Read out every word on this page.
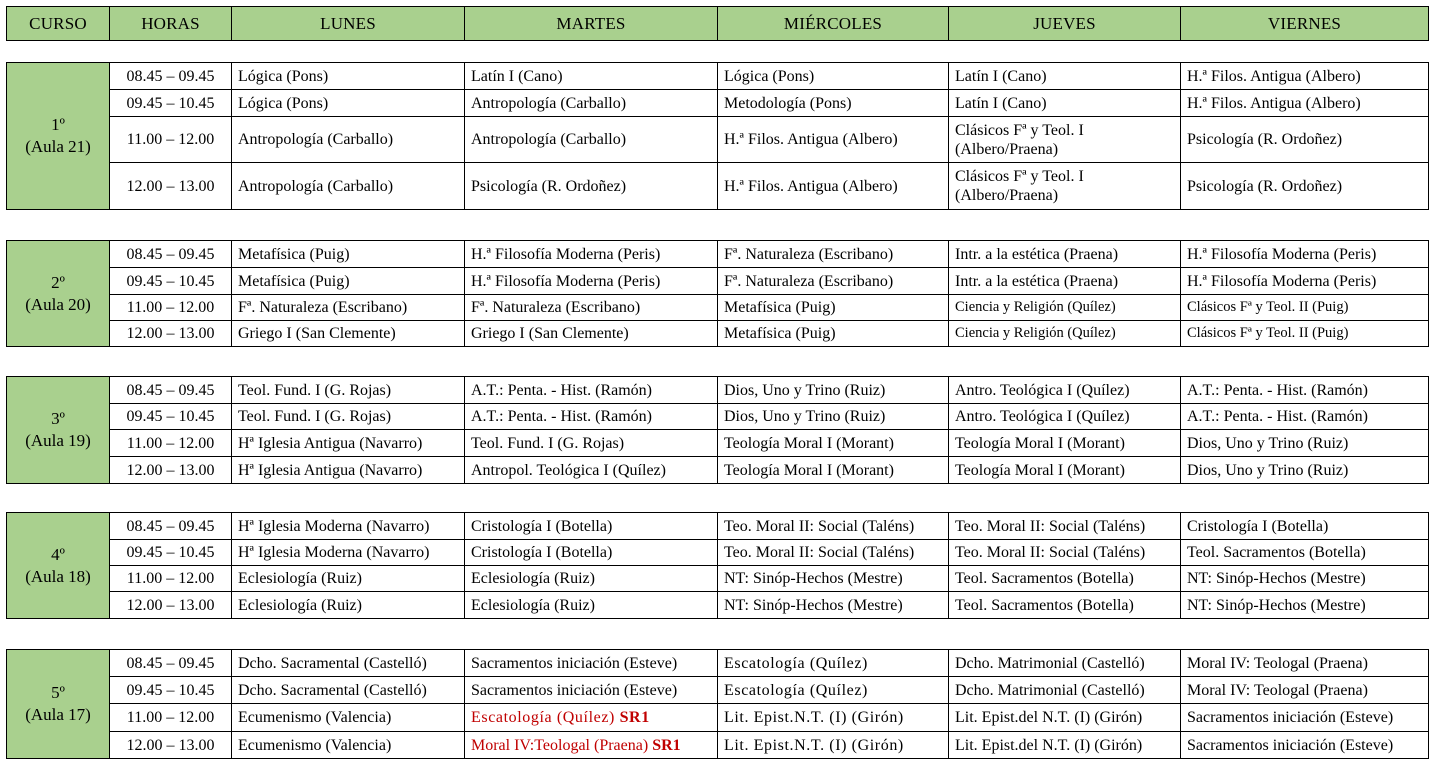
CURSO	HORAS	LUNES	MARTES	MIÉRCOLES	JUEVES	VIERNES
1º
(Aula 21)	08.45 – 09.45	Lógica (Pons)	Latín I (Cano)	Lógica (Pons)	Latín I (Cano)	H.ª Filos. Antigua (Albero)
	09.45 – 10.45	Lógica (Pons)	Antropología (Carballo)	Metodología (Pons)	Latín I (Cano)	H.ª Filos. Antigua (Albero)
	11.00 – 12.00	Antropología (Carballo)	Antropología (Carballo)	H.ª Filos. Antigua (Albero)	Clásicos Fª y Teol. I (Albero/Praena)	Psicología (R. Ordoñez)
	12.00 – 13.00	Antropología (Carballo)	Psicología (R. Ordoñez)	H.ª Filos. Antigua (Albero)	Clásicos Fª y Teol. I (Albero/Praena)	Psicología (R. Ordoñez)
2º
(Aula 20)	08.45 – 09.45	Metafísica (Puig)	H.ª Filosofía Moderna (Peris)	Fª. Naturaleza (Escribano)	Intr. a la estética (Praena)	H.ª Filosofía Moderna (Peris)
	09.45 – 10.45	Metafísica (Puig)	H.ª Filosofía Moderna (Peris)	Fª. Naturaleza (Escribano)	Intr. a la estética (Praena)	H.ª Filosofía Moderna (Peris)
	11.00 – 12.00	Fª. Naturaleza (Escribano)	Fª. Naturaleza (Escribano)	Metafísica (Puig)	Ciencia y Religión (Quílez)	Clásicos Fª y Teol. II (Puig)
	12.00 – 13.00	Griego I (San Clemente)	Griego I (San Clemente)	Metafísica (Puig)	Ciencia y Religión (Quílez)	Clásicos Fª y Teol. II (Puig)
3º
(Aula 19)	08.45 – 09.45	Teol. Fund. I (G. Rojas)	A.T.: Penta. - Hist. (Ramón)	Dios, Uno y Trino (Ruiz)	Antro. Teológica I (Quílez)	A.T.: Penta. - Hist. (Ramón)
	09.45 – 10.45	Teol. Fund. I (G. Rojas)	A.T.: Penta. - Hist. (Ramón)	Dios, Uno y Trino (Ruiz)	Antro. Teológica I (Quílez)	A.T.: Penta. - Hist. (Ramón)
	11.00 – 12.00	Hª Iglesia Antigua (Navarro)	Teol. Fund. I (G. Rojas)	Teología Moral I (Morant)	Teología Moral I (Morant)	Dios, Uno y Trino (Ruiz)
	12.00 – 13.00	Hª Iglesia Antigua (Navarro)	Antropol. Teológica I (Quílez)	Teología Moral I (Morant)	Teología Moral I (Morant)	Dios, Uno y Trino (Ruiz)
4º
(Aula 18)	08.45 – 09.45	Hª Iglesia Moderna (Navarro)	Cristología I (Botella)	Teo. Moral II: Social (Taléns)	Teo. Moral II: Social (Taléns)	Cristología I (Botella)
	09.45 – 10.45	Hª Iglesia Moderna (Navarro)	Cristología I (Botella)	Teo. Moral II: Social (Taléns)	Teo. Moral II: Social (Taléns)	Teol. Sacramentos (Botella)
	11.00 – 12.00	Eclesiología (Ruiz)	Eclesiología (Ruiz)	NT: Sinóp-Hechos (Mestre)	Teol. Sacramentos (Botella)	NT: Sinóp-Hechos (Mestre)
	12.00 – 13.00	Eclesiología (Ruiz)	Eclesiología (Ruiz)	NT: Sinóp-Hechos (Mestre)	Teol. Sacramentos (Botella)	NT: Sinóp-Hechos (Mestre)
5º
(Aula 17)	08.45 – 09.45	Dcho. Sacramental (Castelló)	Sacramentos iniciación (Esteve)	Escatología (Quílez)	Dcho. Matrimonial (Castelló)	Moral IV: Teologal (Praena)
	09.45 – 10.45	Dcho. Sacramental (Castelló)	Sacramentos iniciación (Esteve)	Escatología (Quílez)	Dcho. Matrimonial (Castelló)	Moral IV: Teologal (Praena)
	11.00 – 12.00	Ecumenismo (Valencia)	Escatología (Quílez) SR1	Lit. Epist.N.T. (I) (Girón)	Lit. Epist.del N.T. (I) (Girón)	Sacramentos iniciación (Esteve)
	12.00 – 13.00	Ecumenismo (Valencia)	Moral IV:Teologal (Praena) SR1	Lit. Epist.N.T. (I) (Girón)	Lit. Epist.del N.T. (I) (Girón)	Sacramentos iniciación (Esteve)
